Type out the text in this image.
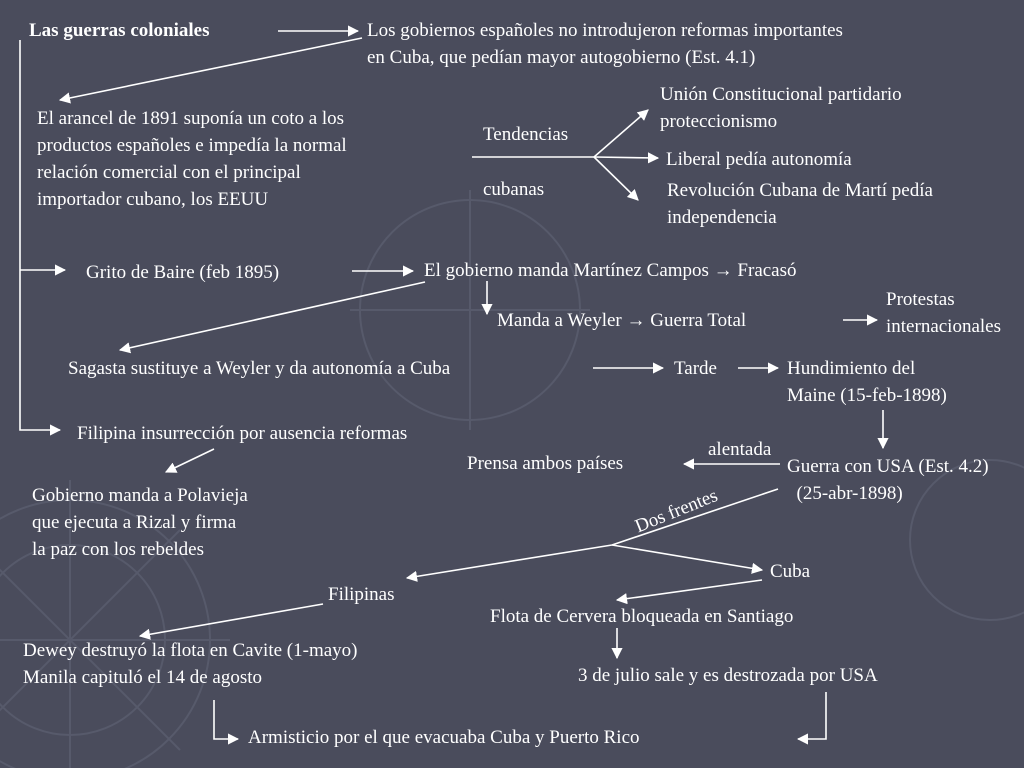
Las guerras coloniales	Los gobiernos españoles no introdujeron reformas importantes
en Cuba, que pedían mayor autogobierno (Est. 4.1)

El arancel de 1891 suponía un coto a los
productos españoles e impedía la normal
relación comercial con el principal
importador cubano, los EEUU

Tendencias

cubanas

Unión Constitucional partidario
proteccionismo

Liberal pedía autonomía

Revolución Cubana de Martí pedía
independencia

Grito de Baire (feb 1895)	El gobierno manda Martínez Campos → Fracasó

Protestas
internacionales

Manda a Weyler → Guerra Total

Sagasta sustituye a Weyler y da autonomía a Cuba	Tarde	Hundimiento del
Maine (15-feb-1898)

Filipina insurrección por ausencia reformas

alentada

Prensa ambos países	Guerra con USA (Est. 4.2)
(25-abr-1898)

Gobierno manda a Polavieja
que ejecuta a Rizal y firma
la paz con los rebeldes

Dos frentes

Cuba

Filipinas

Flota de Cervera bloqueada en Santiago

Dewey destruyó la flota en Cavite (1-mayo)
Manila capituló el 14 de agosto	3 de julio sale y es destrozada por USA

Armisticio por el que evacuaba Cuba y Puerto Rico
